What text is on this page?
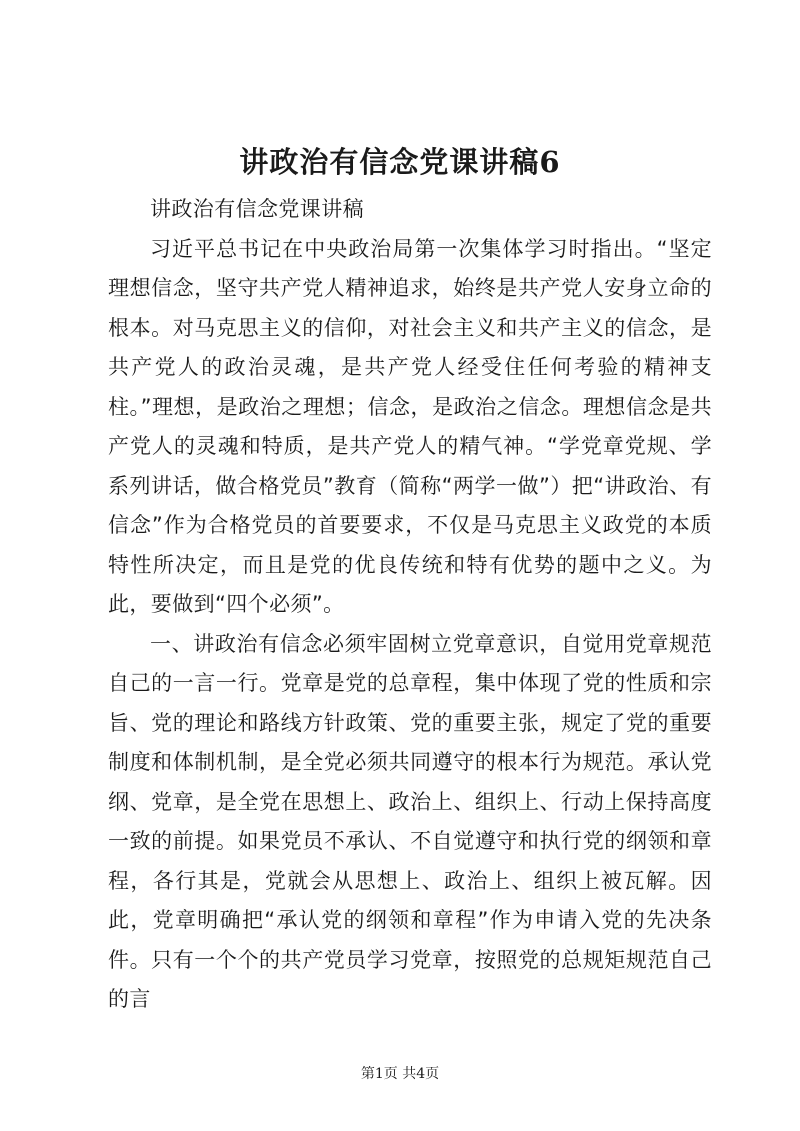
讲政治有信念党课讲稿6

讲政治有信念党课讲稿

习近平总书记在中央政治局第一次集体学习时指出。“坚定理想信念，坚守共产党人精神追求，始终是共产党人安身立命的根本。对马克思主义的信仰，对社会主义和共产主义的信念，是共产党人的政治灵魂，是共产党人经受住任何考验的精神支柱。”理想，是政治之理想；信念，是政治之信念。理想信念是共产党人的灵魂和特质，是共产党人的精气神。“学党章党规、学系列讲话，做合格党员”教育（简称“两学一做”）把“讲政治、有信念”作为合格党员的首要要求，不仅是马克思主义政党的本质特性所决定，而且是党的优良传统和特有优势的题中之义。为此，要做到“四个必须”。

一、讲政治有信念必须牢固树立党章意识，自觉用党章规范自己的一言一行。党章是党的总章程，集中体现了党的性质和宗旨、党的理论和路线方针政策、党的重要主张，规定了党的重要制度和体制机制，是全党必须共同遵守的根本行为规范。承认党纲、党章，是全党在思想上、政治上、组织上、行动上保持高度一致的前提。如果党员不承认、不自觉遵守和执行党的纲领和章程，各行其是，党就会从思想上、政治上、组织上被瓦解。因此，党章明确把“承认党的纲领和章程”作为申请入党的先决条件。只有一个个的共产党员学习党章，按照党的总规矩规范自己的言

第1页 共4页
